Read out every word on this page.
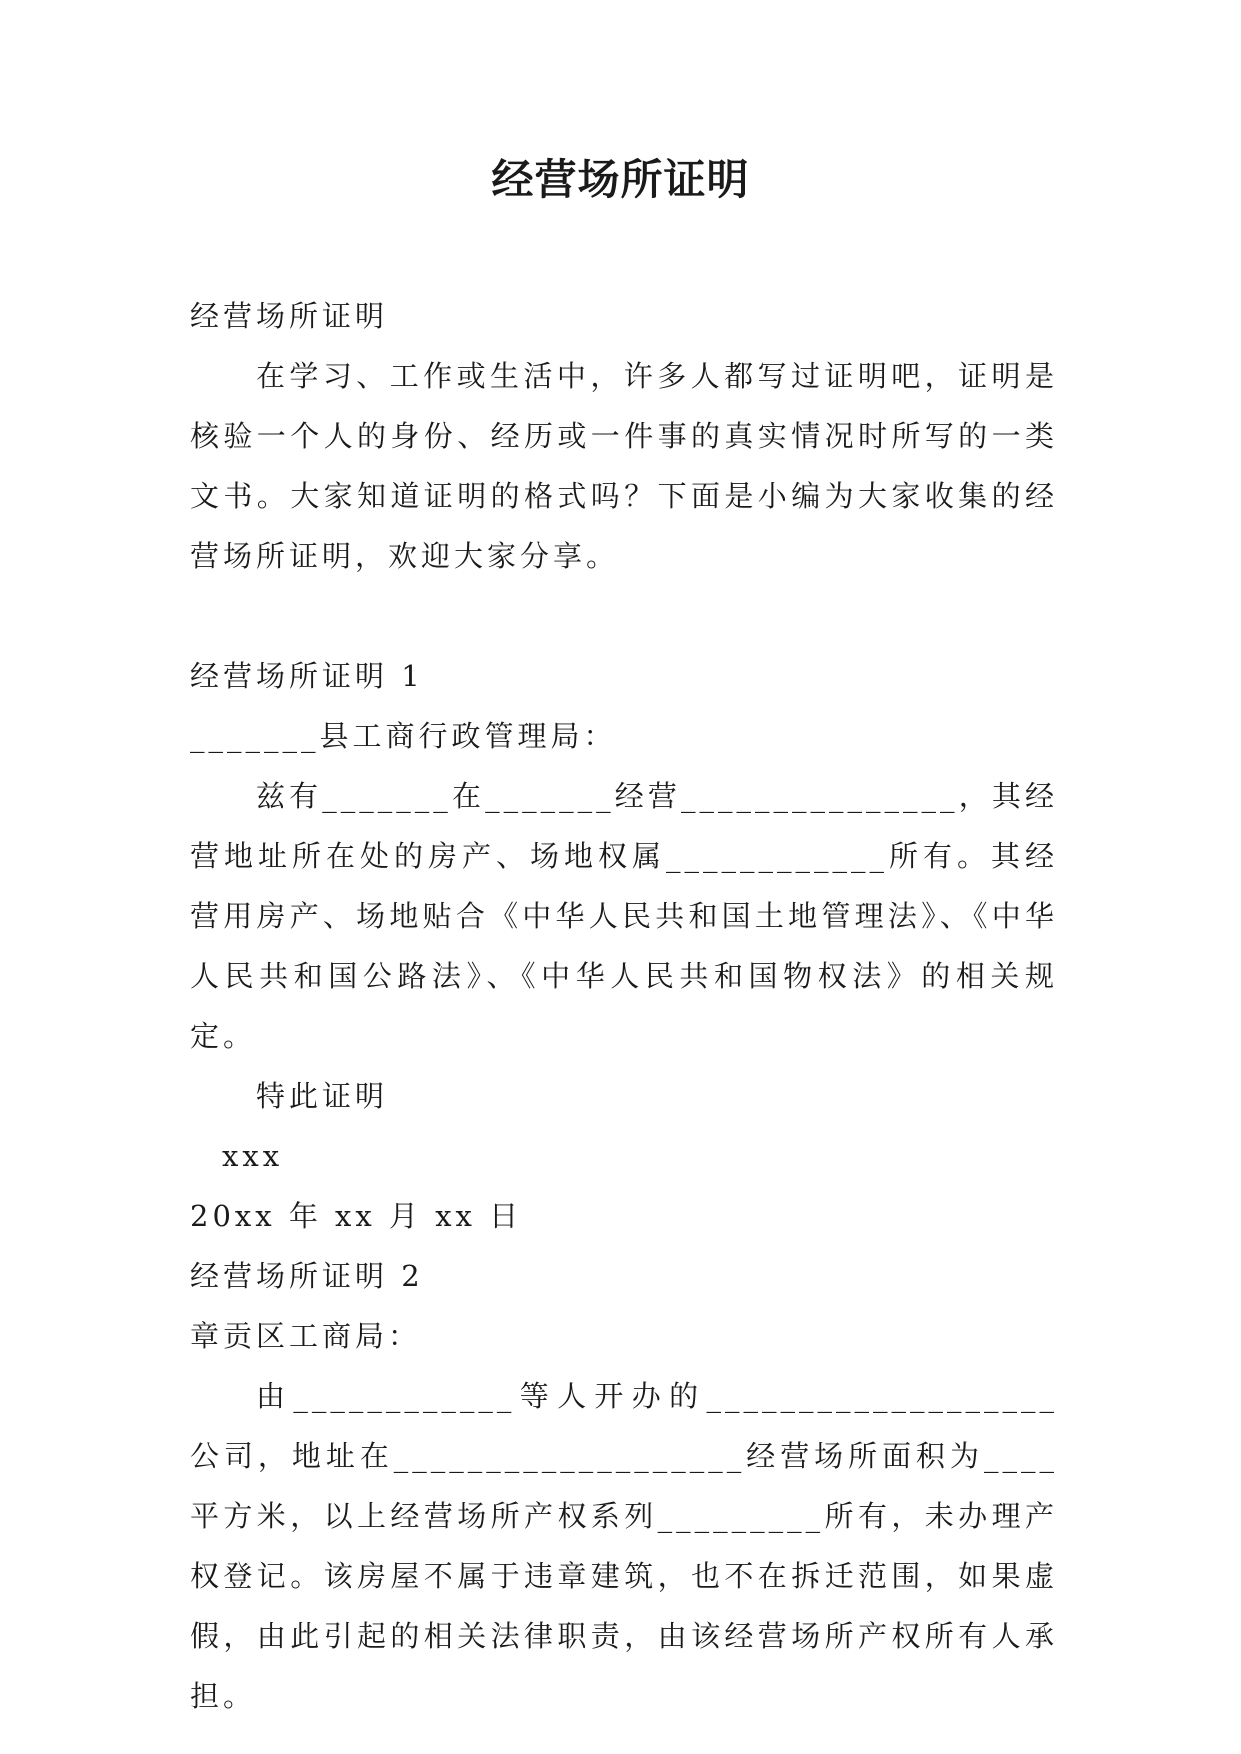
经营场所证明

经营场所证明

在学习、工作或生活中，许多人都写过证明吧，证明是核验一个人的身份、经历或一件事的真实情况时所写的一类文书。大家知道证明的格式吗？下面是小编为大家收集的经营场所证明，欢迎大家分享。

经营场所证明 1

_______县工商行政管理局：

兹有_______在_______经营_______________，其经营地址所在处的房产、场地权属____________所有。其经营用房产、场地贴合《中华人民共和国土地管理法》、《中华人民共和国公路法》、《中华人民共和国物权法》的相关规定。

特此证明

xxx

20xx 年 xx 月 xx 日

经营场所证明 2

章贡区工商局：

由____________等人开办的___________________公司，地址在___________________经营场所面积为____平方米，以上经营场所产权系列_________所有，未办理产权登记。该房屋不属于违章建筑，也不在拆迁范围，如果虚假，由此引起的相关法律职责，由该经营场所产权所有人承担。
